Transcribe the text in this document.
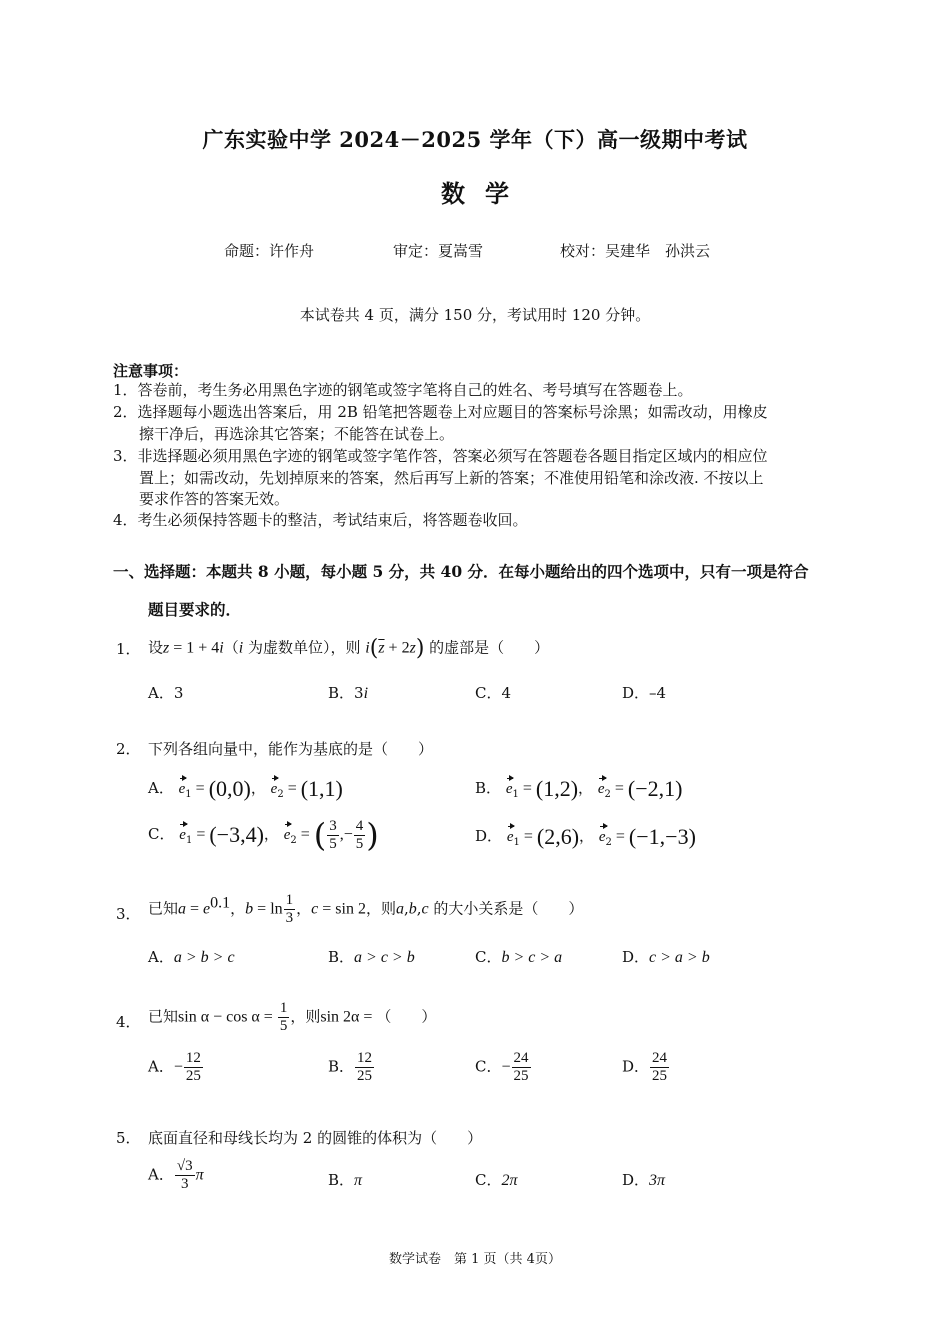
广东实验中学 2024－2025 学年（下）高一级期中考试
数 学
命题：许作舟	审定：夏嵩雪	校对：吴建华　孙洪云
本试卷共 4 页，满分 150 分，考试用时 120 分钟。
注意事项：
1．答卷前，考生务必用黑色字迹的钢笔或签字笔将自己的姓名、考号填写在答题卷上。
2．选择题每小题选出答案后，用 2B 铅笔把答题卷上对应题目的答案标号涂黑；如需改动，用橡皮
擦干净后，再选涂其它答案；不能答在试卷上。
3．非选择题必须用黑色字迹的钢笔或签字笔作答，答案必须写在答题卷各题目指定区域内的相应位
置上；如需改动，先划掉原来的答案，然后再写上新的答案；不准使用铅笔和涂改液. 不按以上
要求作答的答案无效。
4．考生必须保持答题卡的整洁，考试结束后，将答题卷收回。
一、选择题：本题共 8 小题，每小题 5 分，共 40 分．在每小题给出的四个选项中，只有一项是符合
题目要求的．
1． 设z = 1 + 4i（i 为虚数单位），则 $i(\overline{z} + 2z)$ 的虚部是（　　）
A．3	B．3i	C．4	D．–4
2． 下列各组向量中，能作为基底的是（　　）
A． $e_1 = (0,0)$， $e_2 = (1,1)$	B． $e_1 = (1,2)$， $e_2 = (-2,1)$
C． $e_1 = (-3,4)$， $e_2$ = ( $\frac{3}{5}$ ,− $\frac{4}{5}$ )	D． $e_1 = (2,6)$， $e_2 = (-1,-3)$
3． 已知$a = e^{0.1}$，$b = \ln \frac{1}{3}$ ，c = sin 2，则a,b,c 的大小关系是（　　）
A．a > b > c	B．a > c > b	C．b > c > a	D．c > a > b
4． 已知$\sin \alpha - \cos \alpha = \frac{1}{5}$ ，则sin 2α = （　　）
A．− $\frac{12}{25}$	B． $\frac{12}{25}$	C．− $\frac{24}{25}$	D． $\frac{24}{25}$
5． 底面直径和母线长均为 2 的圆锥的体积为（　　）
A． $\frac{√3}{3}$ π	B．π	C．2π	D．3π
数学试卷　第 1 页（共 4页）
